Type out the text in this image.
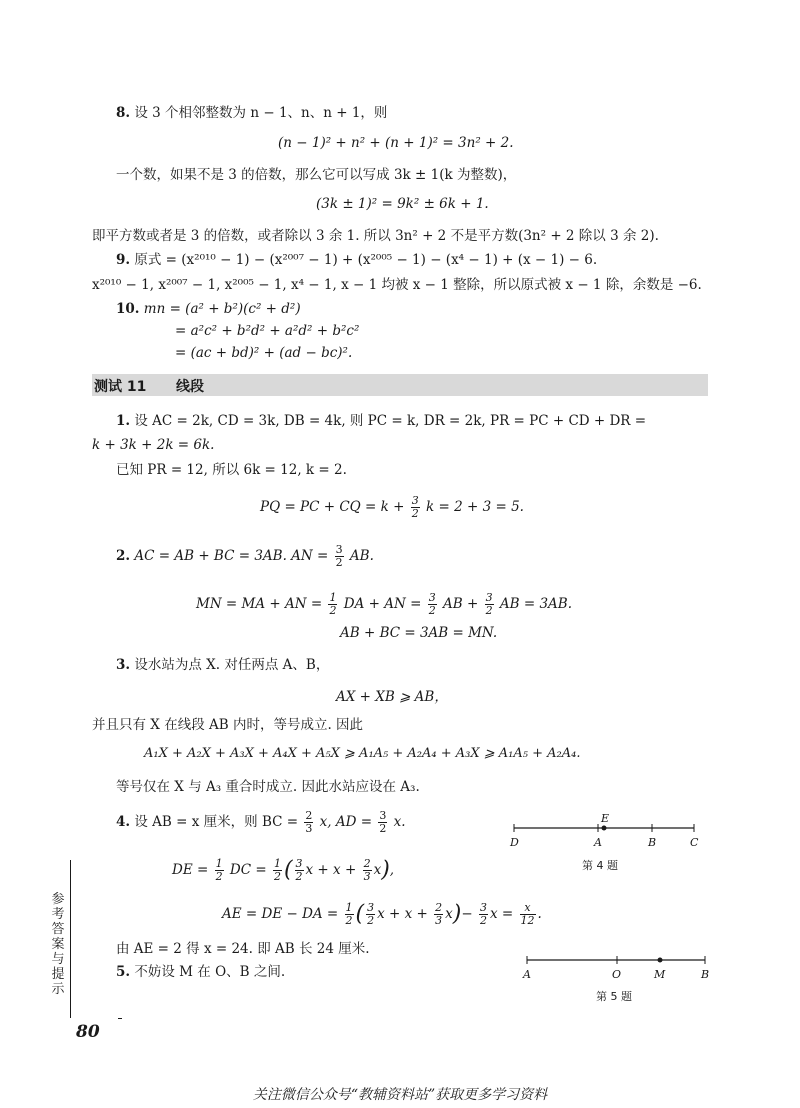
8. 设 3 个相邻整数为 n − 1、n、n + 1，则
(n − 1)² + n² + (n + 1)² = 3n² + 2.
一个数，如果不是 3 的倍数，那么它可以写成 3k ± 1(k 为整数)，
(3k ± 1)² = 9k² ± 6k + 1.
即平方数或者是 3 的倍数，或者除以 3 余 1. 所以 3n² + 2 不是平方数(3n² + 2 除以 3 余 2).
9. 原式 = (x²⁰¹⁰ − 1) − (x²⁰⁰⁷ − 1) + (x²⁰⁰⁵ − 1) − (x⁴ − 1) + (x − 1) − 6.
x²⁰¹⁰ − 1, x²⁰⁰⁷ − 1, x²⁰⁰⁵ − 1, x⁴ − 1, x − 1 均被 x − 1 整除，所以原式被 x − 1 除，余数是 −6.
10. mn = (a² + b²)(c² + d²)
= a²c² + b²d² + a²d² + b²c²
= (ac + bd)² + (ad − bc)².
测试 11 线段
1. 设 AC = 2k, CD = 3k, DB = 4k, 则 PC = k, DR = 2k, PR = PC + CD + DR =
k + 3k + 2k = 6k.
已知 PR = 12, 所以 6k = 12, k = 2.
PQ = PC + CQ = $k + \frac{3}{2}$ k = 2 + 3 = 5.
2. AC = AB + BC = 3AB. AN = $\frac{3}{2}$ AB.
MN = MA + AN = $\frac{1}{2}$ DA + AN = $\frac{3}{2}$ AB + $\frac{3}{2}$ AB = 3AB.
AB + BC = 3AB = MN.
3. 设水站为点 X. 对任两点 A、B，
AX + XB ⩾ AB，
并且只有 X 在线段 AB 内时，等号成立. 因此
A₁X + A₂X + A₃X + A₄X + A₅X ⩾ A₁A₅ + A₂A₄ + A₃X ⩾ A₁A₅ + A₂A₄.
等号仅在 X 与 A₃ 重合时成立. 因此水站应设在 A₃.
4. 设 AB = x 厘米，则 BC = $\frac{2}{3} x$, AD = $\frac{3}{2} x$.
DE = $\frac{1}{2}$ DC = $\frac{1}{2}$ ( $\frac{3}{2}$ $x + x + \frac{2}{3} x$),
AE = DE − DA = $\frac{1}{2}$ ( $\frac{3}{2}$ $x + x + \frac{2}{3} x)- \frac{3}{2}$ $x = \frac{x}{12}$ .
由 AE = 2 得 x = 24. 即 AB 长 24 厘米.
D	A
E
B	C
第 4 题
5. 不妨设 M 在 O、B 之间.	A	O	M	B
第 5 题
参考答案与提示
80
关注微信公众号“教辅资料站”获取更多学习资料
